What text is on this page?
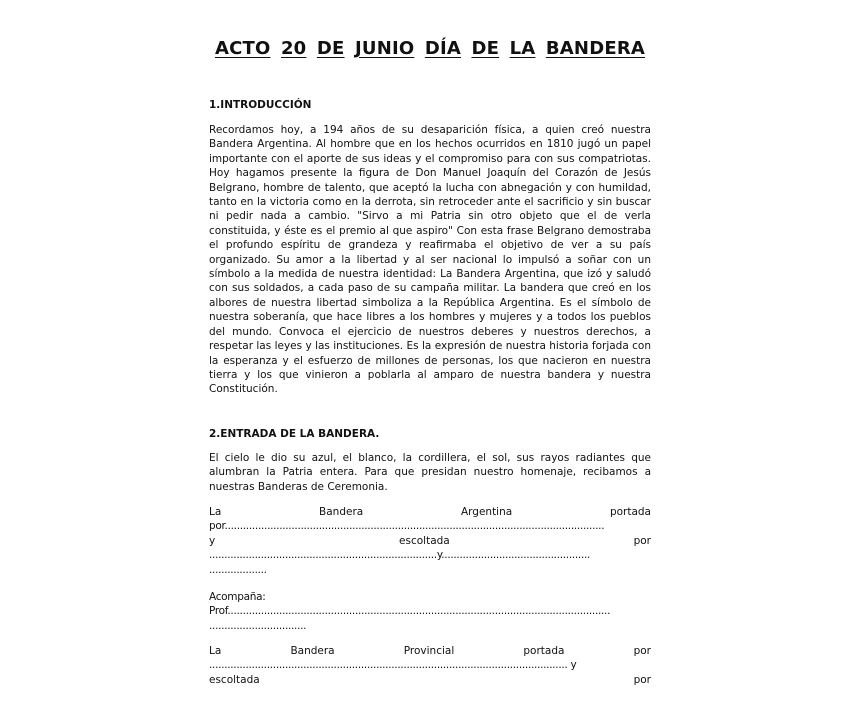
ACTO 20 DE JUNIO DÍA DE LA BANDERA
1.INTRODUCCIÓN
Recordamos hoy, a 194 años de su desaparición física, a quien creó nuestra Bandera Argentina. Al hombre que en los hechos ocurridos en 1810 jugó un papel importante con el aporte de sus ideas y el compromiso para con sus compatriotas. Hoy hagamos presente la figura de Don Manuel Joaquín del Corazón de Jesús Belgrano, hombre de talento, que aceptó la lucha con abnegación y con humildad, tanto en la victoria como en la derrota, sin retroceder ante el sacrificio y sin buscar ni pedir nada a cambio. "Sirvo a mi Patria sin otro objeto que el de verla constituida, y éste es el premio al que aspiro" Con esta frase Belgrano demostraba el profundo espíritu de grandeza y reafirmaba el objetivo de ver a su país organizado. Su amor a la libertad y al ser nacional lo impulsó a soñar con un símbolo a la medida de nuestra identidad: La Bandera Argentina, que izó y saludó con sus soldados, a cada paso de su campaña militar. La bandera que creó en los albores de nuestra libertad simboliza a la República Argentina. Es el símbolo de nuestra soberanía, que hace libres a los hombres y mujeres y a todos los pueblos del mundo. Convoca el ejercicio de nuestros deberes y nuestros derechos, a respetar las leyes y las instituciones. Es la expresión de nuestra historia forjada con la esperanza y el esfuerzo de millones de personas, los que nacieron en nuestra tierra y los que vinieron a poblarla al amparo de nuestra bandera y nuestra Constitución.
2.ENTRADA DE LA BANDERA.
El cielo le dio su azul, el blanco, la cordillera, el sol, sus rayos radiantes que alumbran la Patria entera. Para que presidan nuestro homenaje, recibamos a nuestras Banderas de Ceremonia.
La	Bandera	Argentina	portada
por.............................................................................................................................
y	escoltada	por
...........................................................................y.................................................
...................
Acompaña:
Prof..............................................................................................................................
................................
La	Bandera	Provincial	portada	por
...................................................................................................................... y
escoltada	por
